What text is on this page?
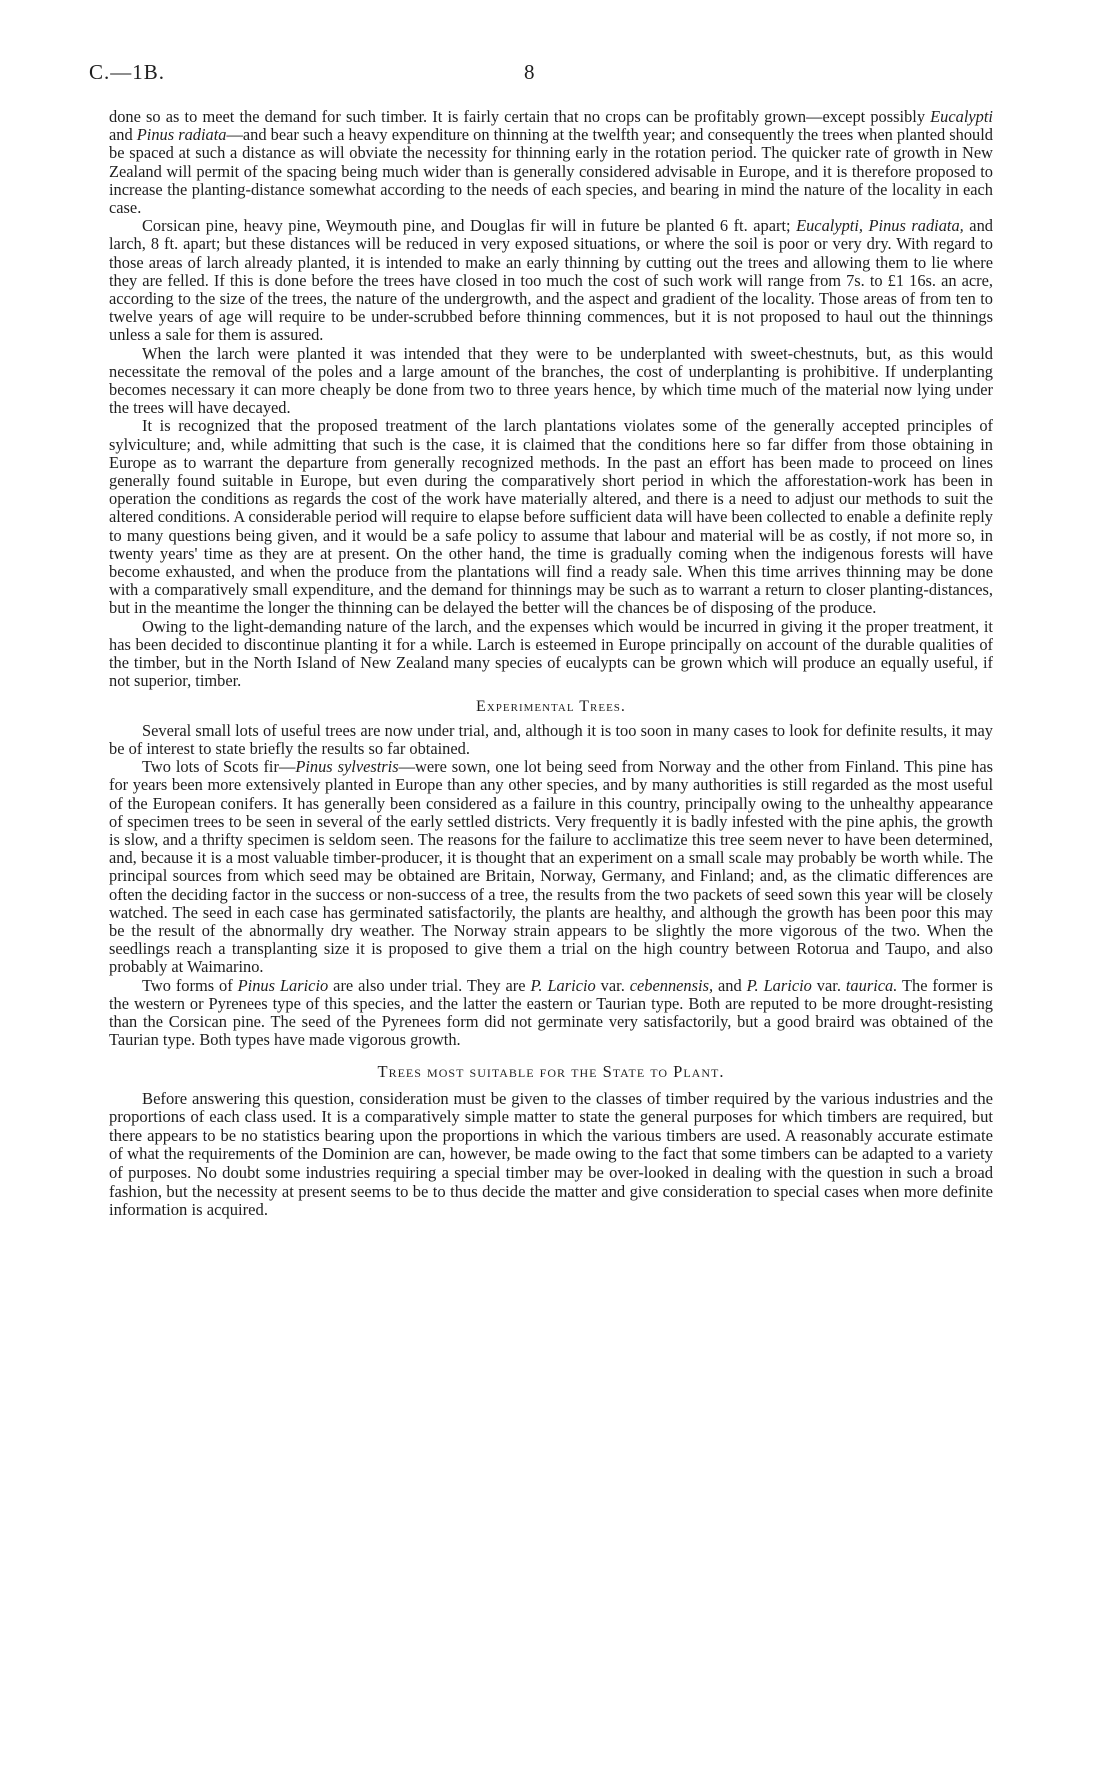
C.—1B.	8

done so as to meet the demand for such timber. It is fairly certain that no crops can be profitably grown—except possibly Eucalypti and Pinus radiata—and bear such a heavy expenditure on thinning at the twelfth year; and consequently the trees when planted should be spaced at such a distance as will obviate the necessity for thinning early in the rotation period. The quicker rate of growth in New Zealand will permit of the spacing being much wider than is generally considered advisable in Europe, and it is therefore proposed to increase the planting-distance somewhat according to the needs of each species, and bearing in mind the nature of the locality in each case.

Corsican pine, heavy pine, Weymouth pine, and Douglas fir will in future be planted 6 ft. apart; Eucalypti, Pinus radiata, and larch, 8 ft. apart; but these distances will be reduced in very exposed situations, or where the soil is poor or very dry. With regard to those areas of larch already planted, it is intended to make an early thinning by cutting out the trees and allowing them to lie where they are felled. If this is done before the trees have closed in too much the cost of such work will range from 7s. to £1 16s. an acre, according to the size of the trees, the nature of the undergrowth, and the aspect and gradient of the locality. Those areas of from ten to twelve years of age will require to be under-scrubbed before thinning commences, but it is not proposed to haul out the thinnings unless a sale for them is assured.

When the larch were planted it was intended that they were to be underplanted with sweet-chestnuts, but, as this would necessitate the removal of the poles and a large amount of the branches, the cost of underplanting is prohibitive. If underplanting becomes necessary it can more cheaply be done from two to three years hence, by which time much of the material now lying under the trees will have decayed.

It is recognized that the proposed treatment of the larch plantations violates some of the generally accepted principles of sylviculture; and, while admitting that such is the case, it is claimed that the conditions here so far differ from those obtaining in Europe as to warrant the departure from generally recognized methods. In the past an effort has been made to proceed on lines generally found suitable in Europe, but even during the comparatively short period in which the afforestation-work has been in operation the conditions as regards the cost of the work have materially altered, and there is a need to adjust our methods to suit the altered conditions. A considerable period will require to elapse before sufficient data will have been collected to enable a definite reply to many questions being given, and it would be a safe policy to assume that labour and material will be as costly, if not more so, in twenty years' time as they are at present. On the other hand, the time is gradually coming when the indigenous forests will have become exhausted, and when the produce from the plantations will find a ready sale. When this time arrives thinning may be done with a comparatively small expenditure, and the demand for thinnings may be such as to warrant a return to closer planting-distances, but in the meantime the longer the thinning can be delayed the better will the chances be of disposing of the produce.

Owing to the light-demanding nature of the larch, and the expenses which would be incurred in giving it the proper treatment, it has been decided to discontinue planting it for a while. Larch is esteemed in Europe principally on account of the durable qualities of the timber, but in the North Island of New Zealand many species of eucalypts can be grown which will produce an equally useful, if not superior, timber.

Experimental Trees.

Several small lots of useful trees are now under trial, and, although it is too soon in many cases to look for definite results, it may be of interest to state briefly the results so far obtained.

Two lots of Scots fir—Pinus sylvestris—were sown, one lot being seed from Norway and the other from Finland. This pine has for years been more extensively planted in Europe than any other species, and by many authorities is still regarded as the most useful of the European conifers. It has generally been considered as a failure in this country, principally owing to the unhealthy appearance of specimen trees to be seen in several of the early settled districts. Very frequently it is badly infested with the pine aphis, the growth is slow, and a thrifty specimen is seldom seen. The reasons for the failure to acclimatize this tree seem never to have been determined, and, because it is a most valuable timber-producer, it is thought that an experiment on a small scale may probably be worth while. The principal sources from which seed may be obtained are Britain, Norway, Germany, and Finland; and, as the climatic differences are often the deciding factor in the success or non-success of a tree, the results from the two packets of seed sown this year will be closely watched. The seed in each case has germinated satisfactorily, the plants are healthy, and although the growth has been poor this may be the result of the abnormally dry weather. The Norway strain appears to be slightly the more vigorous of the two. When the seedlings reach a transplanting size it is proposed to give them a trial on the high country between Rotorua and Taupo, and also probably at Waimarino.

Two forms of Pinus Laricio are also under trial. They are P. Laricio var. cebennensis, and P. Laricio var. taurica. The former is the western or Pyrenees type of this species, and the latter the eastern or Taurian type. Both are reputed to be more drought-resisting than the Corsican pine. The seed of the Pyrenees form did not germinate very satisfactorily, but a good braird was obtained of the Taurian type. Both types have made vigorous growth.

Trees most suitable for the State to Plant.

Before answering this question, consideration must be given to the classes of timber required by the various industries and the proportions of each class used. It is a comparatively simple matter to state the general purposes for which timbers are required, but there appears to be no statistics bearing upon the proportions in which the various timbers are used. A reasonably accurate estimate of what the requirements of the Dominion are can, however, be made owing to the fact that some timbers can be adapted to a variety of purposes. No doubt some industries requiring a special timber may be over-looked in dealing with the question in such a broad fashion, but the necessity at present seems to be to thus decide the matter and give consideration to special cases when more definite information is acquired.
